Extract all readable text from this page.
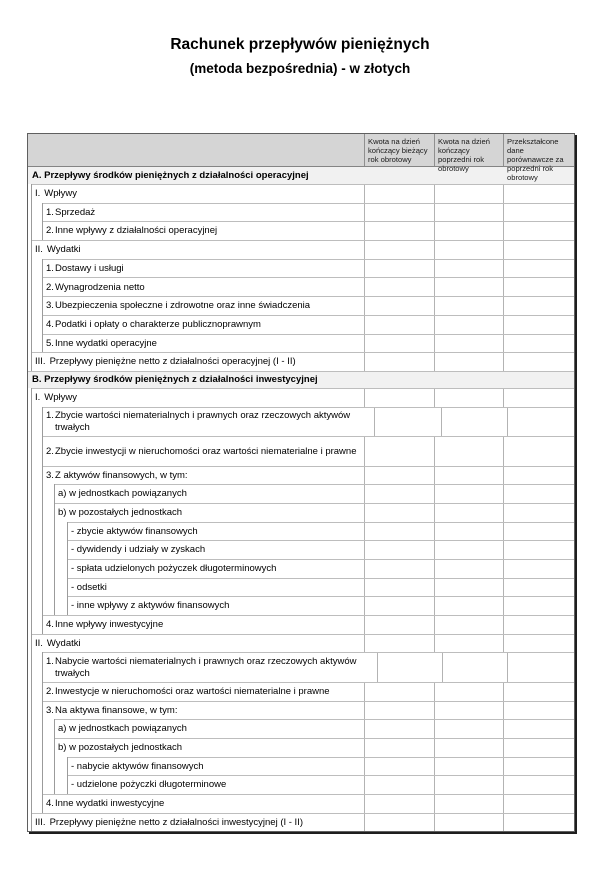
Rachunek przepływów pieniężnych
(metoda bezpośrednia) - w złotych
Kwota na dzień kończący bieżący rok obrotowy
Kwota na dzień kończący poprzedni rok obrotowy
Przekształcone dane porównawcze za poprzedni rok obrotowy
A. Przepływy środków pieniężnych z działalności operacyjnej
I. Wpływy
1. Sprzedaż
2. Inne wpływy z działalności operacyjnej
II. Wydatki
1. Dostawy i usługi
2. Wynagrodzenia netto
3. Ubezpieczenia społeczne i zdrowotne oraz inne świadczenia
4. Podatki i opłaty o charakterze publicznoprawnym
5. Inne wydatki operacyjne
III. Przepływy pieniężne netto z działalności operacyjnej (I - II)
B. Przepływy środków pieniężnych z działalności inwestycyjnej
I. Wpływy
1. Zbycie wartości niematerialnych i prawnych oraz rzeczowych aktywów trwałych
2. Zbycie inwestycji w nieruchomości oraz wartości niematerialne i prawne
3. Z aktywów finansowych, w tym:
a) w jednostkach powiązanych
b) w pozostałych jednostkach
- zbycie aktywów finansowych
- dywidendy i udziały w zyskach
- spłata udzielonych pożyczek długoterminowych
- odsetki
- inne wpływy z aktywów finansowych
4. Inne wpływy inwestycyjne
II. Wydatki
1. Nabycie wartości niematerialnych i prawnych oraz rzeczowych aktywów trwałych
2. Inwestycje w nieruchomości oraz wartości niematerialne i prawne
3. Na aktywa finansowe, w tym:
a) w jednostkach powiązanych
b) w pozostałych jednostkach
- nabycie aktywów finansowych
- udzielone pożyczki długoterminowe
4. Inne wydatki inwestycyjne
III. Przepływy pieniężne netto z działalności inwestycyjnej (I - II)
